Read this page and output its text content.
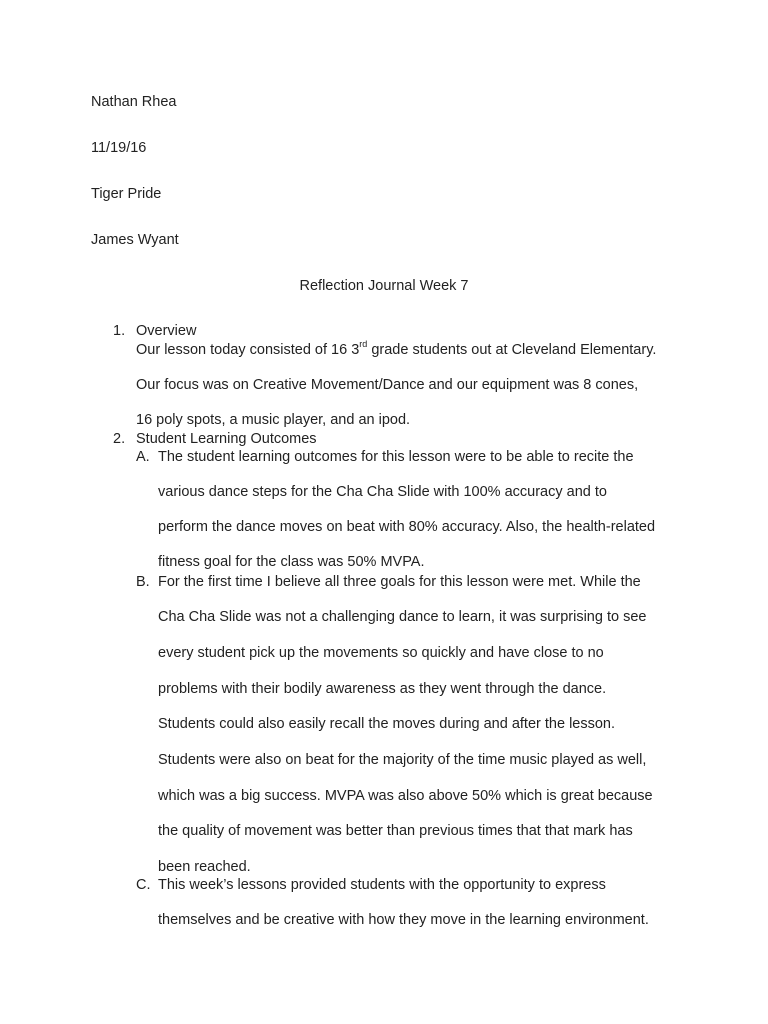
Nathan Rhea
11/19/16
Tiger Pride
James Wyant
Reflection Journal Week 7
1. Overview
Our lesson today consisted of 16 3rd grade students out at Cleveland Elementary.
Our focus was on Creative Movement/Dance and our equipment was 8 cones,
16 poly spots, a music player, and an ipod.
2. Student Learning Outcomes
A. The student learning outcomes for this lesson were to be able to recite the
various dance steps for the Cha Cha Slide with 100% accuracy and to
perform the dance moves on beat with 80% accuracy. Also, the health-related
fitness goal for the class was 50% MVPA.
B. For the first time I believe all three goals for this lesson were met. While the
Cha Cha Slide was not a challenging dance to learn, it was surprising to see
every student pick up the movements so quickly and have close to no
problems with their bodily awareness as they went through the dance.
Students could also easily recall the moves during and after the lesson.
Students were also on beat for the majority of the time music played as well,
which was a big success. MVPA was also above 50% which is great because
the quality of movement was better than previous times that that mark has
been reached.
C. This week’s lessons provided students with the opportunity to express
themselves and be creative with how they move in the learning environment.
